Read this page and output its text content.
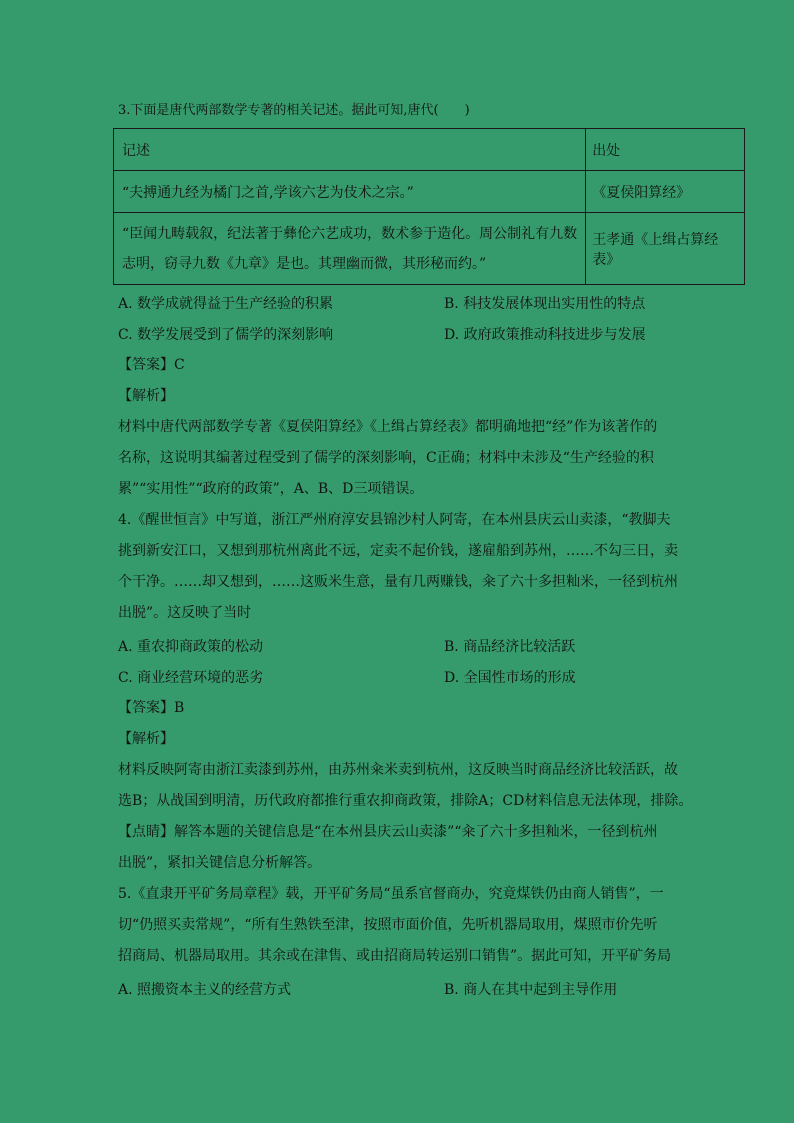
3.下面是唐代两部数学专著的相关记述。据此可知,唐代(　　)
记述	出处
“夫搏通九经为橘门之首,学该六艺为伎术之宗。”	《夏侯阳算经》

“臣闻九畴载叙，纪法著于彝伦六艺成功，数术参于造化。周公制礼有九数
志明，窃寻九数《九章》是也。其理幽而微，其形秘而约。”	王孝通《上缉占算经表》
A. 数学成就得益于生产经验的积累	B. 科技发展体现出实用性的特点
C. 数学发展受到了儒学的深刻影响	D. 政府政策推动科技进步与发展
【答案】C
【解析】
材料中唐代两部数学专著《夏侯阳算经》《上缉占算经表》都明确地把“经”作为该著作的
名称，这说明其编著过程受到了儒学的深刻影响，C正确；材料中未涉及“生产经验的积
累”“实用性”“政府的政策”，A、B、D三项错误。
4.《醒世恒言》中写道，浙江严州府淳安县锦沙村人阿寄，在本州县庆云山卖漆，“教脚夫
挑到新安江口，又想到那杭州离此不远，定卖不起价钱，遂雇船到苏州，……不勾三日，卖
个干净。……却又想到，……这贩米生意，量有几两赚钱，籴了六十多担籼米，一径到杭州
出脱”。这反映了当时
A. 重农抑商政策的松动	B. 商品经济比较活跃
C. 商业经营环境的恶劣	D. 全国性市场的形成
【答案】B
【解析】
材料反映阿寄由浙江卖漆到苏州，由苏州籴米卖到杭州，这反映当时商品经济比较活跃，故
选B；从战国到明清，历代政府都推行重农抑商政策，排除A；CD材料信息无法体现，排除。
【点睛】解答本题的关键信息是“在本州县庆云山卖漆”“籴了六十多担籼米，一径到杭州
出脱”，紧扣关键信息分析解答。
5.《直隶开平矿务局章程》载，开平矿务局“虽系官督商办，究竟煤铁仍由商人销售”，一
切“仍照买卖常规”，“所有生熟铁至津，按照市面价值，先听机器局取用，煤照市价先听
招商局、机器局取用。其余或在津售、或由招商局转运别口销售”。据此可知，开平矿务局
A. 照搬资本主义的经营方式	B. 商人在其中起到主导作用
